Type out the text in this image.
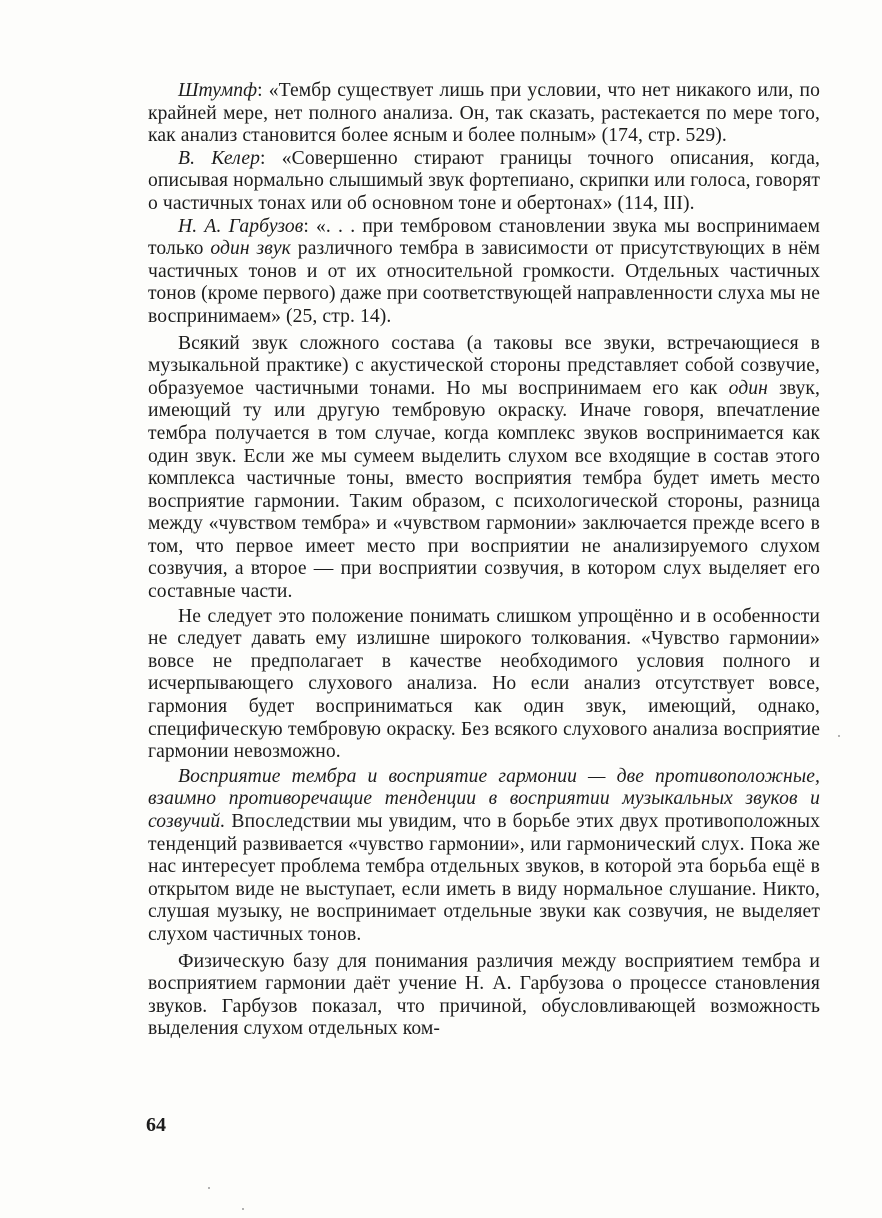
Штумпф: «Тембр существует лишь при условии, что нет никакого или, по крайней мере, нет полного анализа. Он, так сказать, растекается по мере того, как анализ становится более ясным и более полным» (174, стр. 529).

В. Келер: «Совершенно стирают границы точного описания, когда, описывая нормально слышимый звук фортепиано, скрипки или голоса, говорят о частичных тонах или об основном тоне и обертонах» (114, III).

Н. А. Гарбузов: «. . . при тембровом становлении звука мы воспринимаем только один звук различного тембра в зависимости от присутствующих в нём частичных тонов и от их относительной громкости. Отдельных частичных тонов (кроме первого) даже при соответствующей направленности слуха мы не воспринимаем» (25, стр. 14).

Всякий звук сложного состава (а таковы все звуки, встречающиеся в музыкальной практике) с акустической стороны представляет собой созвучие, образуемое частичными тонами. Но мы воспринимаем его как один звук, имеющий ту или другую тембровую окраску. Иначе говоря, впечатление тембра получается в том случае, когда комплекс звуков воспринимается как один звук. Если же мы сумеем выделить слухом все входящие в состав этого комплекса частичные тоны, вместо восприятия тембра будет иметь место восприятие гармонии. Таким образом, с психологической стороны, разница между «чувством тембра» и «чувством гармонии» заключается прежде всего в том, что первое имеет место при восприятии не анализируемого слухом созвучия, а второе — при восприятии созвучия, в котором слух выделяет его составные части.

Не следует это положение понимать слишком упрощённо и в особенности не следует давать ему излишне широкого толкования. «Чувство гармонии» вовсе не предполагает в качестве необходимого условия полного и исчерпывающего слухового анализа. Но если анализ отсутствует вовсе, гармония будет восприниматься как один звук, имеющий, однако, специфическую тембровую окраску. Без всякого слухового анализа восприятие гармонии невозможно.

Восприятие тембра и восприятие гармонии — две противоположные, взаимно противоречащие тенденции в восприятии музыкальных звуков и созвучий. Впоследствии мы увидим, что в борьбе этих двух противоположных тенденций развивается «чувство гармонии», или гармонический слух. Пока же нас интересует проблема тембра отдельных звуков, в которой эта борьба ещё в открытом виде не выступает, если иметь в виду нормальное слушание. Никто, слушая музыку, не воспринимает отдельные звуки как созвучия, не выделяет слухом частичных тонов.

Физическую базу для понимания различия между восприятием тембра и восприятием гармонии даёт учение Н. А. Гарбузова о процессе становления звуков. Гарбузов показал, что причиной, обусловливающей возможность выделения слухом отдельных ком-

64
